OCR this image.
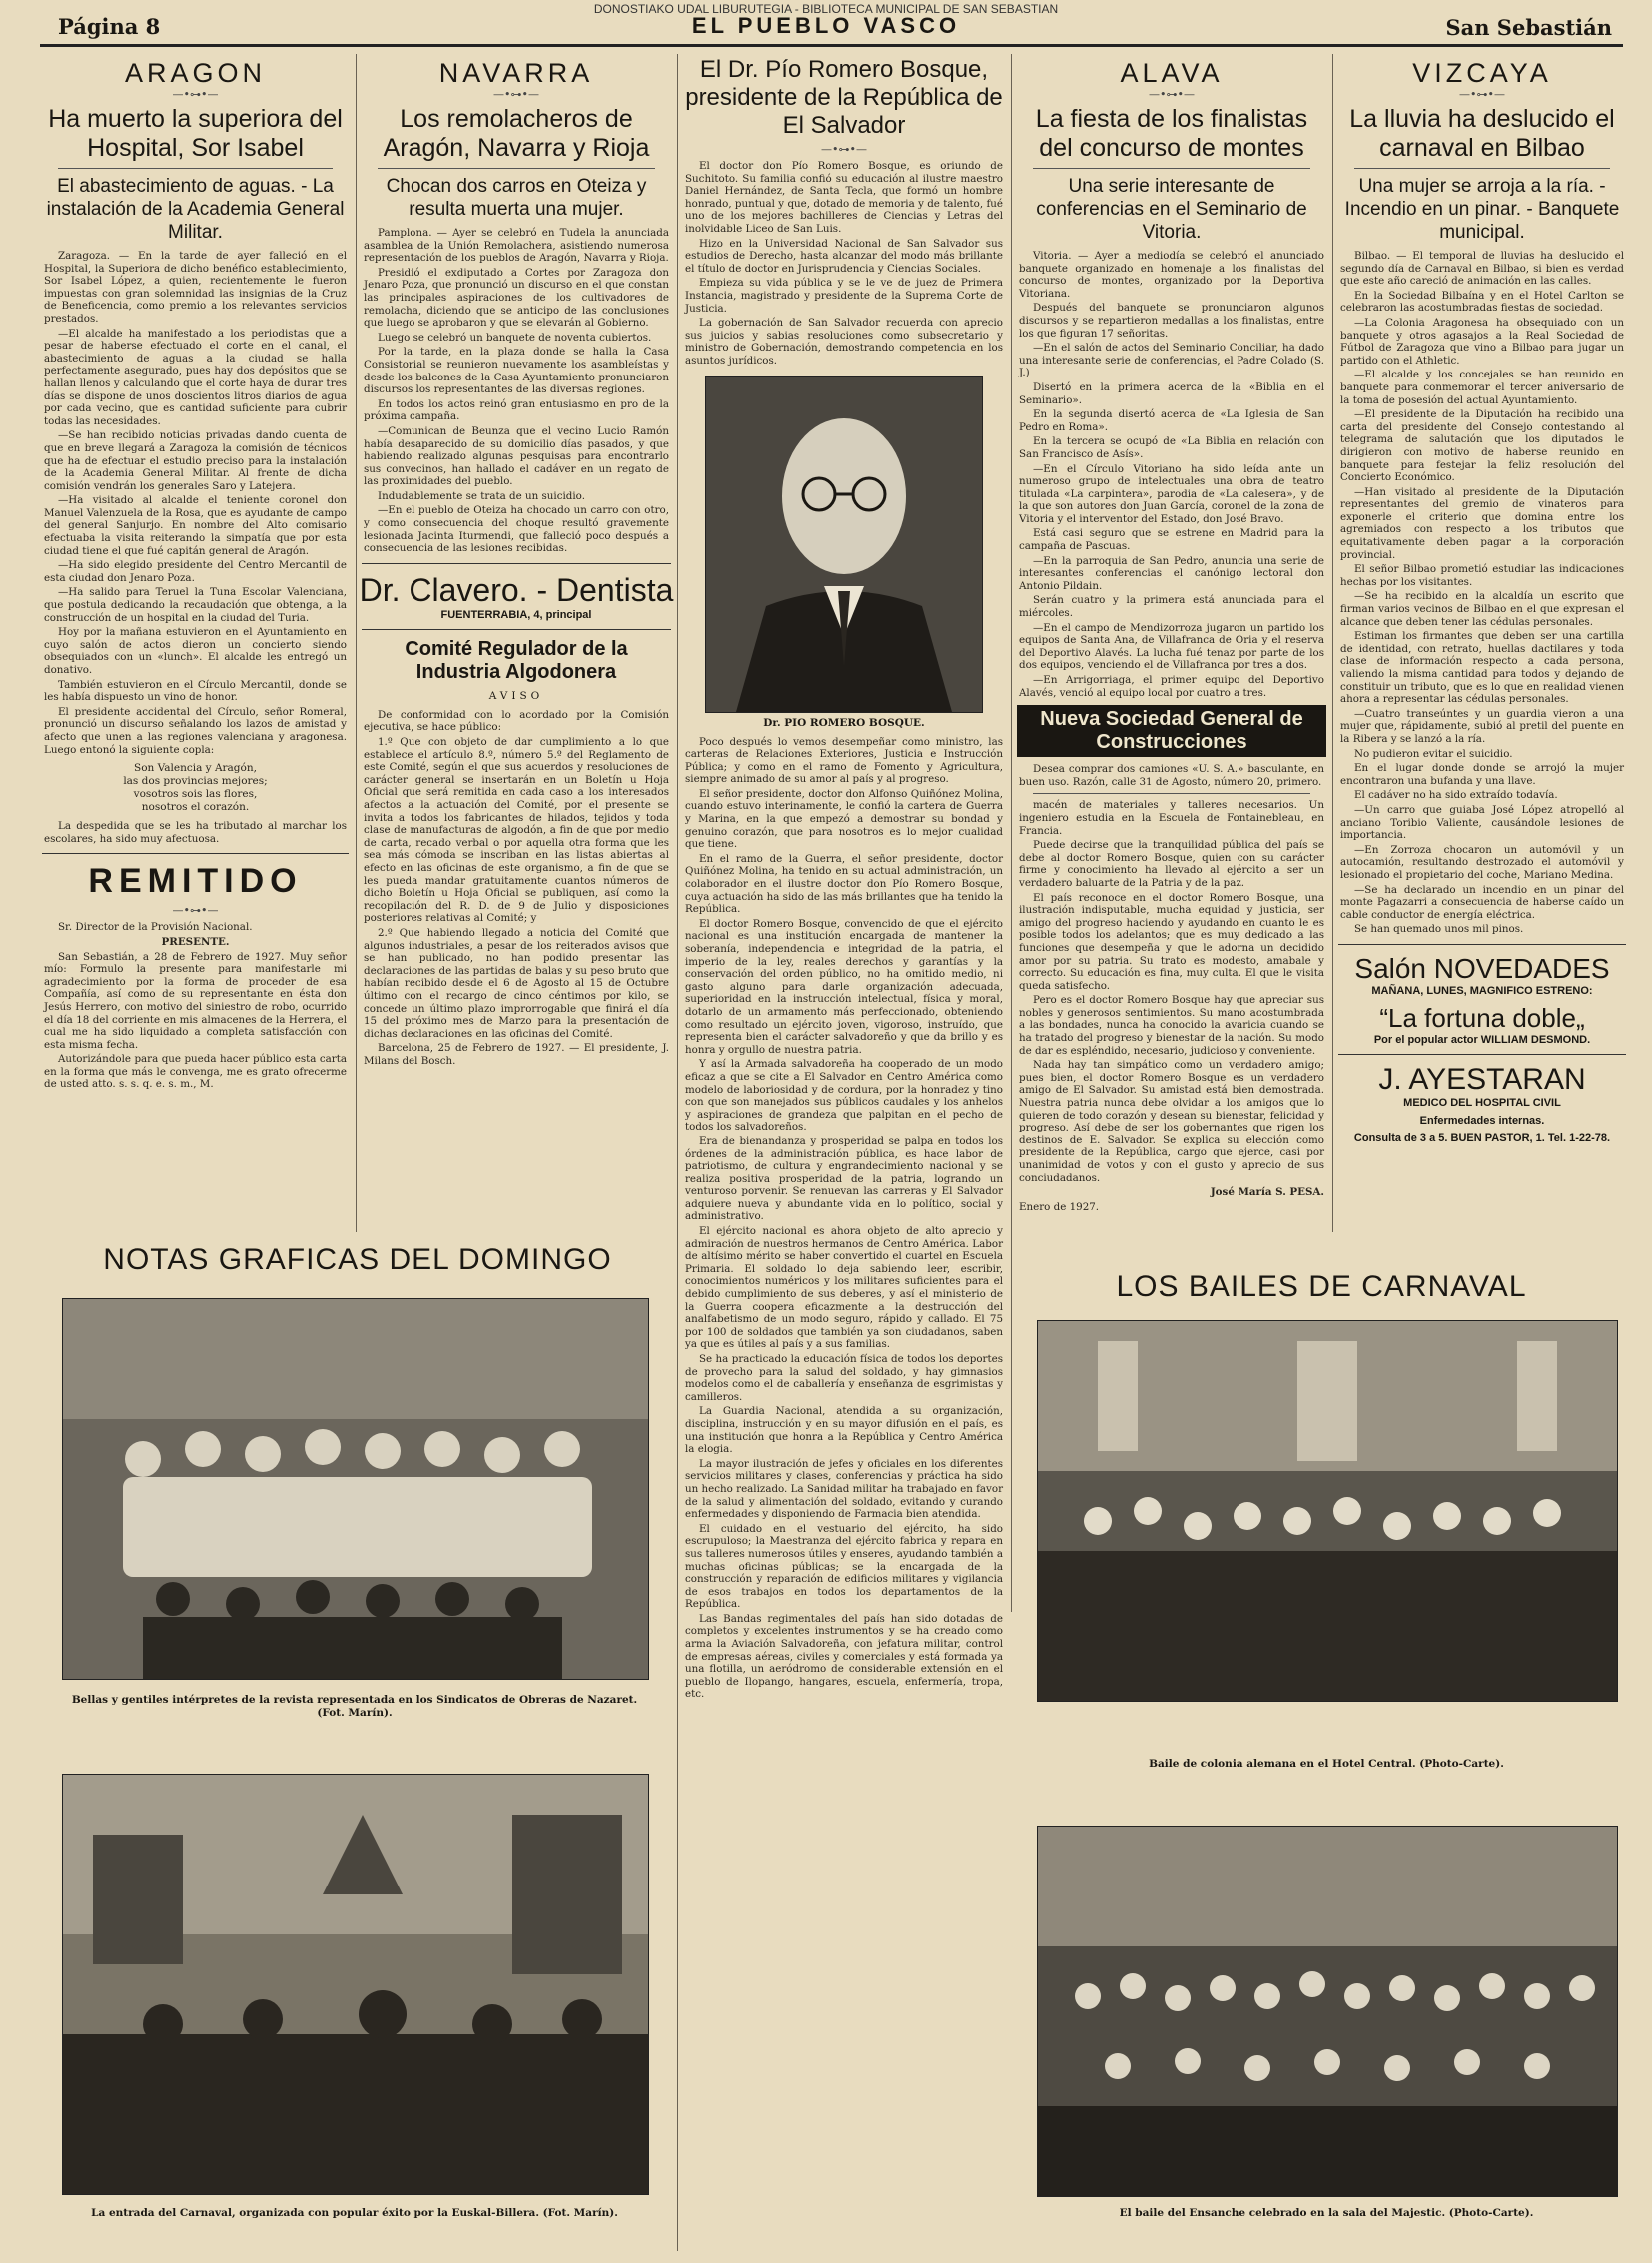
DONOSTIAKO UDAL LIBURUTEGIA - BIBLIOTECA MUNICIPAL DE SAN SEBASTIAN
Página 8	EL PUEBLO VASCO	San Sebastián
ARAGON
—•⊶•—
Ha muerto la superiora del Hospital, Sor Isabel
El abastecimiento de aguas. - La instalación de la Academia General Militar.

Zaragoza. — En la tarde de ayer falleció en el Hospital, la Superiora de dicho benéfico establecimiento, Sor Isabel López, a quien, recientemente le fueron impuestas con gran solemnidad las insignias de la Cruz de Beneficencia, como premio a los relevantes servicios prestados.

—El alcalde ha manifestado a los periodistas que a pesar de haberse efectuado el corte en el canal, el abastecimiento de aguas a la ciudad se halla perfectamente asegurado, pues hay dos depósitos que se hallan llenos y calculando que el corte haya de durar tres días se dispone de unos doscientos litros diarios de agua por cada vecino, que es cantidad suficiente para cubrir todas las necesidades.

—Se han recibido noticias privadas dando cuenta de que en breve llegará a Zaragoza la comisión de técnicos que ha de efectuar el estudio preciso para la instalación de la Academia General Militar. Al frente de dicha comisión vendrán los generales Saro y Latejera.

—Ha visitado al alcalde el teniente coronel don Manuel Valenzuela de la Rosa, que es ayudante de campo del general Sanjurjo. En nombre del Alto comisario efectuaba la visita reiterando la simpatía que por esta ciudad tiene el que fué capitán general de Aragón.

—Ha sido elegido presidente del Centro Mercantil de esta ciudad don Jenaro Poza.

—Ha salido para Teruel la Tuna Escolar Valenciana, que postula dedicando la recaudación que obtenga, a la construcción de un hospital en la ciudad del Turia.

Hoy por la mañana estuvieron en el Ayuntamiento en cuyo salón de actos dieron un concierto siendo obsequiados con un «lunch». El alcalde les entregó un donativo.

También estuvieron en el Círculo Mercantil, donde se les había dispuesto un vino de honor.

El presidente accidental del Círculo, señor Romeral, pronunció un discurso señalando los lazos de amistad y afecto que unen a las regiones valenciana y aragonesa. Luego entonó la siguiente copla:

Son Valencia y Aragón,
las dos provincias mejores;
vosotros sois las flores,
nosotros el corazón.

La despedida que se les ha tributado al marchar los escolares, ha sido muy afectuosa.

REMITIDO
—•⊶•—

Sr. Director de la Provisión Nacional.

PRESENTE.

San Sebastián, a 28 de Febrero de 1927. Muy señor mío: Formulo la presente para manifestarle mi agradecimiento por la forma de proceder de esa Compañía, así como de su representante en ésta don Jesús Herrero, con motivo del siniestro de robo, ocurrido el día 18 del corriente en mis almacenes de la Herrera, el cual me ha sido liquidado a completa satisfacción con esta misma fecha.

Autorizándole para que pueda hacer público esta carta en la forma que más le convenga, me es grato ofrecerme de usted atto. s. s. q. e. s. m., M.

NAVARRA
—•⊶•—
Los remolacheros de Aragón, Navarra y Rioja
Chocan dos carros en Oteiza y resulta muerta una mujer.

Pamplona. — Ayer se celebró en Tudela la anunciada asamblea de la Unión Remolachera, asistiendo numerosa representación de los pueblos de Aragón, Navarra y Rioja.

Presidió el exdiputado a Cortes por Zaragoza don Jenaro Poza, que pronunció un discurso en el que constan las principales aspiraciones de los cultivadores de remolacha, diciendo que se anticipo de las conclusiones que luego se aprobaron y que se elevarán al Gobierno.

Luego se celebró un banquete de noventa cubiertos.

Por la tarde, en la plaza donde se halla la Casa Consistorial se reunieron nuevamente los asambleístas y desde los balcones de la Casa Ayuntamiento pronunciaron discursos los representantes de las diversas regiones.

En todos los actos reinó gran entusiasmo en pro de la próxima campaña.

—Comunican de Beunza que el vecino Lucio Ramón había desaparecido de su domicilio días pasados, y que habiendo realizado algunas pesquisas para encontrarlo sus convecinos, han hallado el cadáver en un regato de las proximidades del pueblo.

Indudablemente se trata de un suicidio.

—En el pueblo de Oteiza ha chocado un carro con otro, y como consecuencia del choque resultó gravemente lesionada Jacinta Iturmendi, que falleció poco después a consecuencia de las lesiones recibidas.

Dr. Clavero. - Dentista
FUENTERRABIA, 4, principal
Comité Regulador de la Industria Algodonera
AVISO

De conformidad con lo acordado por la Comisión ejecutiva, se hace público:

1.º Que con objeto de dar cumplimiento a lo que establece el artículo 8.º, número 5.º del Reglamento de este Comité, según el que sus acuerdos y resoluciones de carácter general se insertarán en un Boletín u Hoja Oficial que será remitida en cada caso a los interesados afectos a la actuación del Comité, por el presente se invita a todos los fabricantes de hilados, tejidos y toda clase de manufacturas de algodón, a fin de que por medio de carta, recado verbal o por aquella otra forma que les sea más cómoda se inscriban en las listas abiertas al efecto en las oficinas de este organismo, a fin de que se les pueda mandar gratuitamente cuantos números de dicho Boletín u Hoja Oficial se publiquen, así como la recopilación del R. D. de 9 de Julio y disposiciones posteriores relativas al Comité; y

2.º Que habiendo llegado a noticia del Comité que algunos industriales, a pesar de los reiterados avisos que se han publicado, no han podido presentar las declaraciones de las partidas de balas y su peso bruto que habían recibido desde el 6 de Agosto al 15 de Octubre último con el recargo de cinco céntimos por kilo, se concede un último plazo improrrogable que finirá el día 15 del próximo mes de Marzo para la presentación de dichas declaraciones en las oficinas del Comité.

Barcelona, 25 de Febrero de 1927. — El presidente, J. Milans del Bosch.

NOTAS GRAFICAS DEL DOMINGO
Bellas y gentiles intérpretes de la revista representada en los Sindicatos de Obreras de Nazaret. (Fot. Marín).
La entrada del Carnaval, organizada con popular éxito por la Euskal-Billera. (Fot. Marín).
El Dr. Pío Romero Bosque, presidente de la República de El Salvador
—•⊶•—

El doctor don Pío Romero Bosque, es oriundo de Suchitoto. Su familia confió su educación al ilustre maestro Daniel Hernández, de Santa Tecla, que formó un hombre honrado, puntual y que, dotado de memoria y de talento, fué uno de los mejores bachilleres de Ciencias y Letras del inolvidable Liceo de San Luis.

Hizo en la Universidad Nacional de San Salvador sus estudios de Derecho, hasta alcanzar del modo más brillante el título de doctor en Jurisprudencia y Ciencias Sociales.

Empieza su vida pública y se le ve de juez de Primera Instancia, magistrado y presidente de la Suprema Corte de Justicia.

La gobernación de San Salvador recuerda con aprecio sus juicios y sabias resoluciones como subsecretario y ministro de Gobernación, demostrando competencia en los asuntos jurídicos.

Dr. PIO ROMERO BOSQUE.

Poco después lo vemos desempeñar como ministro, las carteras de Relaciones Exteriores, Justicia e Instrucción Pública; y como en el ramo de Fomento y Agricultura, siempre animado de su amor al país y al progreso.

El señor presidente, doctor don Alfonso Quiñónez Molina, cuando estuvo interinamente, le confió la cartera de Guerra y Marina, en la que empezó a demostrar su bondad y genuino corazón, que para nosotros es lo mejor cualidad que tiene.

En el ramo de la Guerra, el señor presidente, doctor Quiñónez Molina, ha tenido en su actual administración, un colaborador en el ilustre doctor don Pío Romero Bosque, cuya actuación ha sido de las más brillantes que ha tenido la República.

El doctor Romero Bosque, convencido de que el ejército nacional es una institución encargada de mantener la soberanía, independencia e integridad de la patria, el imperio de la ley, reales derechos y garantías y la conservación del orden público, no ha omitido medio, ni gasto alguno para darle organización adecuada, superioridad en la instrucción intelectual, física y moral, dotarlo de un armamento más perfeccionado, obteniendo como resultado un ejército joven, vigoroso, instruído, que representa bien el carácter salvadoreño y que da brillo y es honra y orgullo de nuestra patria.

Y así la Armada salvadoreña ha cooperado de un modo eficaz a que se cite a El Salvador en Centro América como modelo de laboriosidad y de cordura, por la honradez y tino con que son manejados sus públicos caudales y los anhelos y aspiraciones de grandeza que palpitan en el pecho de todos los salvadoreños.

Era de bienandanza y prosperidad se palpa en todos los órdenes de la administración pública, es hace labor de patriotismo, de cultura y engrandecimiento nacional y se realiza positiva prosperidad de la patria, logrando un venturoso porvenir. Se renuevan las carreras y El Salvador adquiere nueva y abundante vida en lo político, social y administrativo.

El ejército nacional es ahora objeto de alto aprecio y admiración de nuestros hermanos de Centro América. Labor de altísimo mérito se haber convertido el cuartel en Escuela Primaria. El soldado lo deja sabiendo leer, escribir, conocimientos numéricos y los militares suficientes para el debido cumplimiento de sus deberes, y así el ministerio de la Guerra coopera eficazmente a la destrucción del analfabetismo de un modo seguro, rápido y callado. El 75 por 100 de soldados que también ya son ciudadanos, saben ya que es útiles al país y a sus familias.

Se ha practicado la educación física de todos los deportes de provecho para la salud del soldado, y hay gimnasios modelos como el de caballería y enseñanza de esgrimistas y camilleros.

La Guardia Nacional, atendida a su organización, disciplina, instrucción y en su mayor difusión en el país, es una institución que honra a la República y Centro América la elogia.

La mayor ilustración de jefes y oficiales en los diferentes servicios militares y clases, conferencias y práctica ha sido un hecho realizado. La Sanidad militar ha trabajado en favor de la salud y alimentación del soldado, evitando y curando enfermedades y disponiendo de Farmacia bien atendida.

El cuidado en el vestuario del ejército, ha sido escrupuloso; la Maestranza del ejército fabrica y repara en sus talleres numerosos útiles y enseres, ayudando también a muchas oficinas públicas; se la encargada de la construcción y reparación de edificios militares y vigilancia de esos trabajos en todos los departamentos de la República.

Las Bandas regimentales del país han sido dotadas de completos y excelentes instrumentos y se ha creado como arma la Aviación Salvadoreña, con jefatura militar, control de empresas aéreas, civiles y comerciales y está formada ya una flotilla, un aeródromo de considerable extensión en el pueblo de Ilopango, hangares, escuela, enfermería, tropa, etc.

ALAVA
—•⊶•—
La fiesta de los finalistas del concurso de montes
Una serie interesante de conferencias en el Seminario de Vitoria.

Vitoria. — Ayer a mediodía se celebró el anunciado banquete organizado en homenaje a los finalistas del concurso de montes, organizado por la Deportiva Vitoriana.

Después del banquete se pronunciaron algunos discursos y se repartieron medallas a los finalistas, entre los que figuran 17 señoritas.

—En el salón de actos del Seminario Conciliar, ha dado una interesante serie de conferencias, el Padre Colado (S. J.)

Disertó en la primera acerca de la «Biblia en el Seminario».

En la segunda disertó acerca de «La Iglesia de San Pedro en Roma».

En la tercera se ocupó de «La Biblia en relación con San Francisco de Asís».

—En el Círculo Vitoriano ha sido leída ante un numeroso grupo de intelectuales una obra de teatro titulada «La carpintera», parodia de «La calesera», y de la que son autores don Juan García, coronel de la zona de Vitoria y el interventor del Estado, don José Bravo.

Está casi seguro que se estrene en Madrid para la campaña de Pascuas.

—En la parroquia de San Pedro, anuncia una serie de interesantes conferencias el canónigo lectoral don Antonio Pildain.

Serán cuatro y la primera está anunciada para el miércoles.

—En el campo de Mendizorroza jugaron un partido los equipos de Santa Ana, de Villafranca de Oria y el reserva del Deportivo Alavés. La lucha fué tenaz por parte de los dos equipos, venciendo el de Villafranca por tres a dos.

—En Arrigorriaga, el primer equipo del Deportivo Alavés, venció al equipo local por cuatro a tres.

Nueva Sociedad General de Construcciones

Desea comprar dos camiones «U. S. A.» basculante, en buen uso. Razón, calle 31 de Agosto, número 20, primero.

macén de materiales y talleres necesarios. Un ingeniero estudia en la Escuela de Fontainebleau, en Francia.

Puede decirse que la tranquilidad pública del país se debe al doctor Romero Bosque, quien con su carácter firme y conocimiento ha llevado al ejército a ser un verdadero baluarte de la Patria y de la paz.

El país reconoce en el doctor Romero Bosque, una ilustración indisputable, mucha equidad y justicia, ser amigo del progreso haciendo y ayudando en cuanto le es posible todos los adelantos; que es muy dedicado a las funciones que desempeña y que le adorna un decidido amor por su patria. Su trato es modesto, amabale y correcto. Su educación es fina, muy culta. El que le visita queda satisfecho.

Pero es el doctor Romero Bosque hay que apreciar sus nobles y generosos sentimientos. Su mano acostumbrada a las bondades, nunca ha conocido la avaricia cuando se ha tratado del progreso y bienestar de la nación. Su modo de dar es espléndido, necesario, judicioso y conveniente.

Nada hay tan simpático como un verdadero amigo; pues bien, el doctor Romero Bosque es un verdadero amigo de El Salvador. Su amistad está bien demostrada. Nuestra patria nunca debe olvidar a los amigos que lo quieren de todo corazón y desean su bienestar, felicidad y progreso. Así debe de ser los gobernantes que rigen los destinos de E. Salvador. Se explica su elección como presidente de la República, cargo que ejerce, casi por unanimidad de votos y con el gusto y aprecio de sus conciudadanos.

José María S. PESA.

Enero de 1927.

VIZCAYA
—•⊶•—
La lluvia ha deslucido el carnaval en Bilbao
Una mujer se arroja a la ría. - Incendio en un pinar. - Banquete municipal.

Bilbao. — El temporal de lluvias ha deslucido el segundo día de Carnaval en Bilbao, si bien es verdad que este año careció de animación en las calles.

En la Sociedad Bilbaína y en el Hotel Carlton se celebraron las acostumbradas fiestas de sociedad.

—La Colonia Aragonesa ha obsequiado con un banquete y otros agasajos a la Real Sociedad de Fútbol de Zaragoza que vino a Bilbao para jugar un partido con el Athletic.

—El alcalde y los concejales se han reunido en banquete para conmemorar el tercer aniversario de la toma de posesión del actual Ayuntamiento.

—El presidente de la Diputación ha recibido una carta del presidente del Consejo contestando al telegrama de salutación que los diputados le dirigieron con motivo de haberse reunido en banquete para festejar la feliz resolución del Concierto Económico.

—Han visitado al presidente de la Diputación representantes del gremio de vinateros para exponerle el criterio que domina entre los agremiados con respecto a los tributos que equitativamente deben pagar a la corporación provincial.

El señor Bilbao prometió estudiar las indicaciones hechas por los visitantes.

—Se ha recibido en la alcaldía un escrito que firman varios vecinos de Bilbao en el que expresan el alcance que deben tener las cédulas personales.

Estiman los firmantes que deben ser una cartilla de identidad, con retrato, huellas dactilares y toda clase de información respecto a cada persona, valiendo la misma cantidad para todos y dejando de constituir un tributo, que es lo que en realidad vienen ahora a representar las cédulas personales.

—Cuatro transeúntes y un guardia vieron a una mujer que, rápidamente, subió al pretil del puente en la Ribera y se lanzó a la ría.

No pudieron evitar el suicidio.

En el lugar donde donde se arrojó la mujer encontraron una bufanda y una llave.

El cadáver no ha sido extraído todavía.

—Un carro que guiaba José López atropelló al anciano Toribio Valiente, causándole lesiones de importancia.

—En Zorroza chocaron un automóvil y un autocamión, resultando destrozado el automóvil y lesionado el propietario del coche, Mariano Medina.

—Se ha declarado un incendio en un pinar del monte Pagazarri a consecuencia de haberse caído un cable conductor de energía eléctrica.

Se han quemado unos mil pinos.

Salón NOVEDADES
MAÑANA, LUNES, MAGNIFICO ESTRENO:
“La fortuna doble„
Por el popular actor WILLIAM DESMOND.
J. AYESTARAN
MEDICO DEL HOSPITAL CIVIL
Enfermedades internas.
Consulta de 3 a 5. BUEN PASTOR, 1. Tel. 1-22-78.
LOS BAILES DE CARNAVAL
Baile de colonia alemana en el Hotel Central. (Photo-Carte).
El baile del Ensanche celebrado en la sala del Majestic. (Photo-Carte).
